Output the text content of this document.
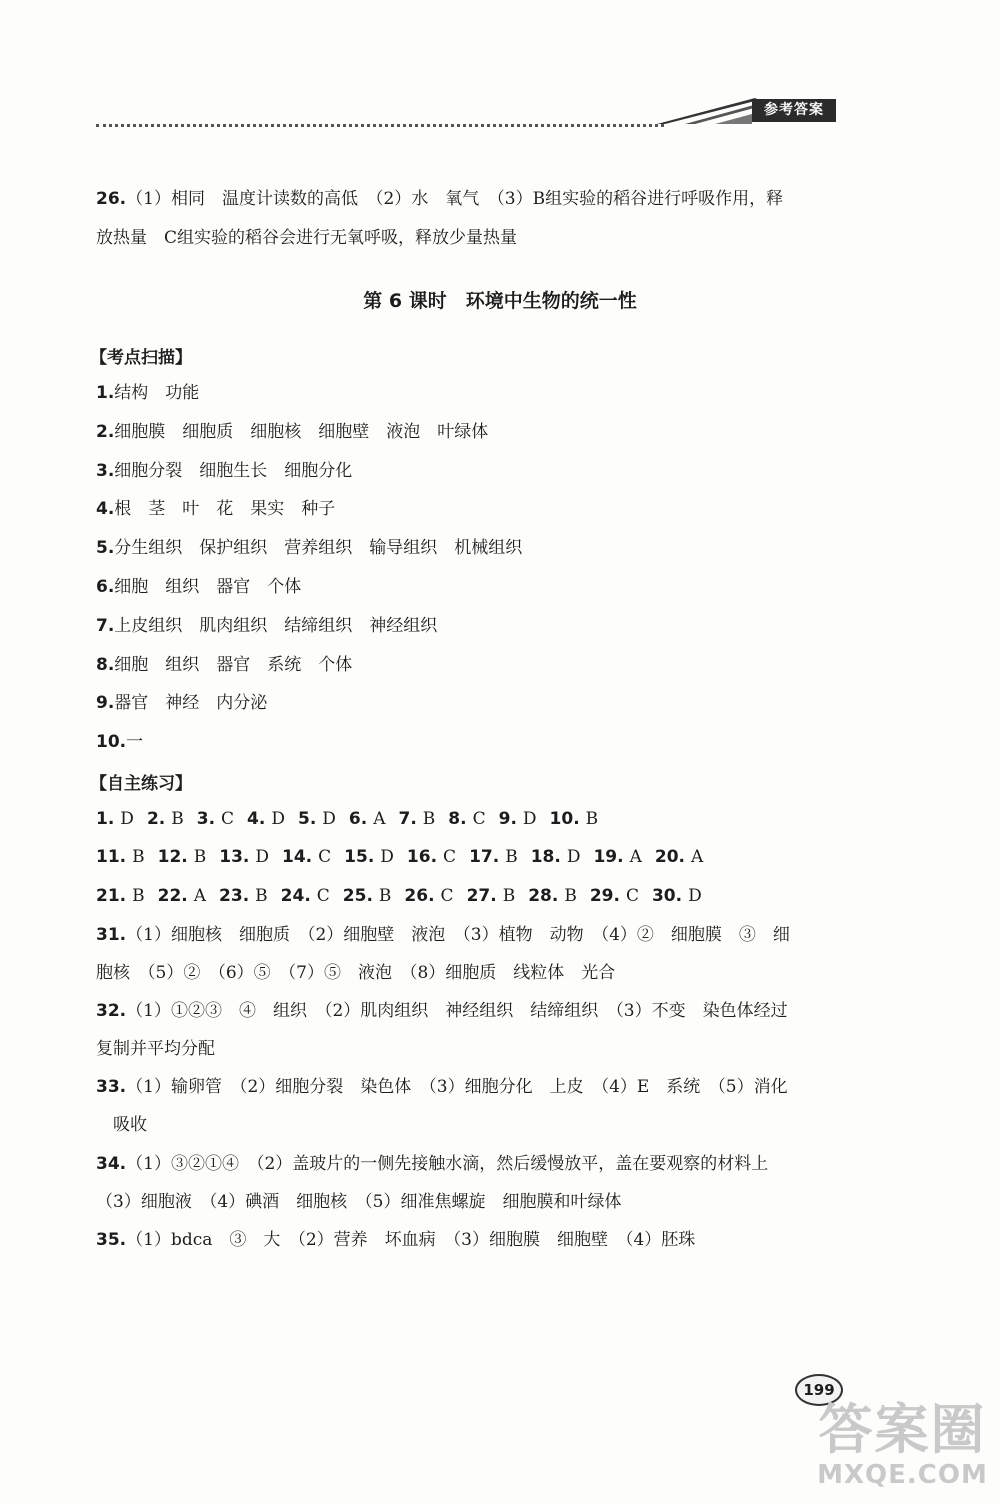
参考答案
26.（1）相同　温度计读数的高低　（2）水　氧气　（3）B组实验的稻谷进行呼吸作用，释
放热量　C组实验的稻谷会进行无氧呼吸，释放少量热量
第 6 课时　环境中生物的统一性
【考点扫描】
1.结构　功能
2.细胞膜　细胞质　细胞核　细胞壁　液泡　叶绿体
3.细胞分裂　细胞生长　细胞分化
4.根　茎　叶　花　果实　种子
5.分生组织　保护组织　营养组织　输导组织　机械组织
6.细胞　组织　器官　个体
7.上皮组织　肌肉组织　结缔组织　神经组织
8.细胞　组织　器官　系统　个体
9.器官　神经　内分泌
10.一
【自主练习】
1. D 2. B 3. C 4. D 5. D 6. A 7. B 8. C 9. D 10. B
11. B 12. B 13. D 14. C 15. D 16. C 17. B 18. D 19. A 20. A
21. B 22. A 23. B 24. C 25. B 26. C 27. B 28. B 29. C 30. D
31.（1）细胞核　细胞质　（2）细胞壁　液泡　（3）植物　动物　（4）②　细胞膜　③　细
胞核　（5）②　（6）⑤　（7）⑤　液泡　（8）细胞质　线粒体　光合
32.（1）①②③　④　组织　（2）肌肉组织　神经组织　结缔组织　（3）不变　染色体经过
复制并平均分配
33.（1）输卵管　（2）细胞分裂　染色体　（3）细胞分化　上皮　（4）E　系统　（5）消化
吸收
34.（1）③②①④　（2）盖玻片的一侧先接触水滴，然后缓慢放平，盖在要观察的材料上
（3）细胞液　（4）碘酒　细胞核　（5）细准焦螺旋　细胞膜和叶绿体
35.（1）bdca　③　大　（2）营养　坏血病　（3）细胞膜　细胞壁　（4）胚珠
199
答案圈
MXQE.COM
